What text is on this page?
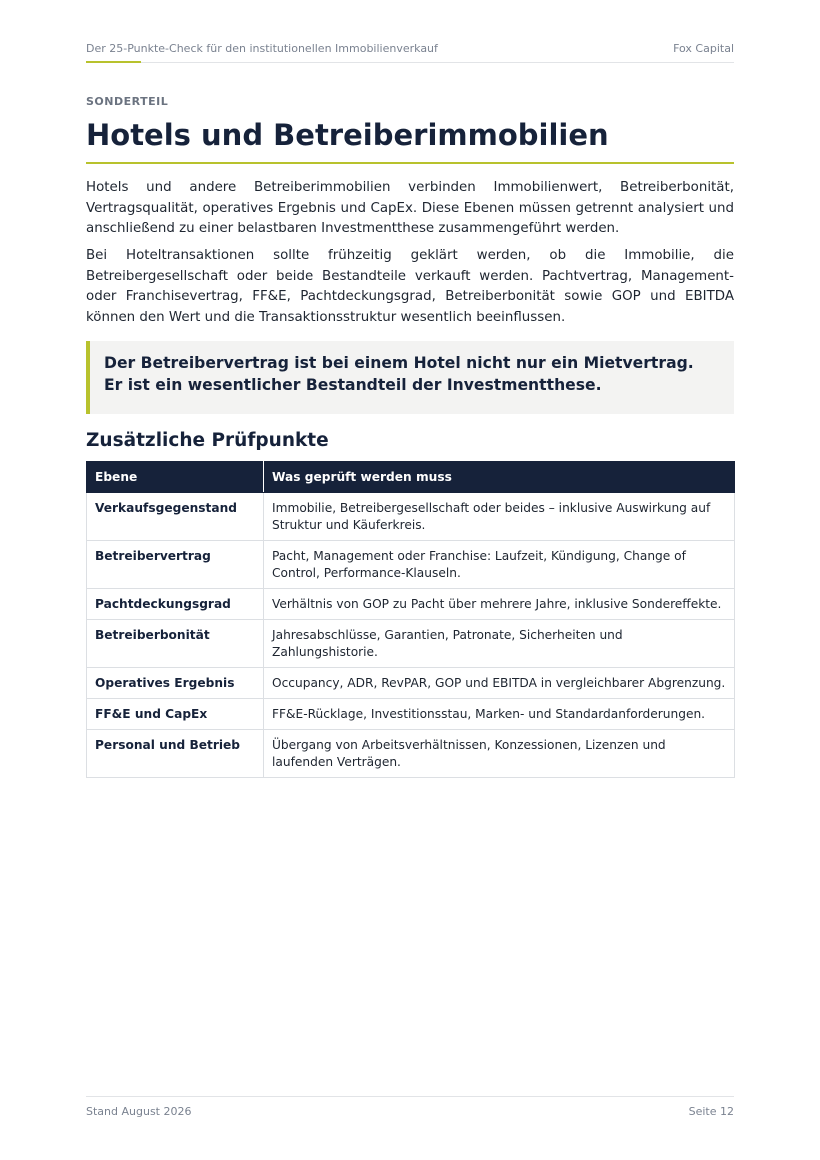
Der 25-Punkte-Check für den institutionellen Immobilienverkauf	Fox Capital
SONDERTEIL
Hotels und Betreiberimmobilien

Hotels und andere Betreiberimmobilien verbinden Immobilienwert, Betreiberbonität, Vertragsqualität, operatives Ergebnis und CapEx. Diese Ebenen müssen getrennt analysiert und anschließend zu einer belastbaren Investmentthese zusammengeführt werden.

Bei Hoteltransaktionen sollte frühzeitig geklärt werden, ob die Immobilie, die Betreibergesellschaft oder beide Bestandteile verkauft werden. Pachtvertrag, Management- oder Franchisevertrag, FF&E, Pachtdeckungsgrad, Betreiberbonität sowie GOP und EBITDA können den Wert und die Transaktionsstruktur wesentlich beeinflussen.

Der Betreibervertrag ist bei einem Hotel nicht nur ein Mietvertrag. Er ist ein wesentlicher Bestandteil der Investmentthese.

Zusätzliche Prüfpunkte
Ebene	Was geprüft werden muss
Verkaufsgegenstand	Immobilie, Betreibergesellschaft oder beides – inklusive Auswirkung auf Struktur und Käuferkreis.
Betreibervertrag	Pacht, Management oder Franchise: Laufzeit, Kündigung, Change of Control, Performance-Klauseln.
Pachtdeckungsgrad	Verhältnis von GOP zu Pacht über mehrere Jahre, inklusive Sondereffekte.
Betreiberbonität	Jahresabschlüsse, Garantien, Patronate, Sicherheiten und Zahlungshistorie.
Operatives Ergebnis	Occupancy, ADR, RevPAR, GOP und EBITDA in vergleichbarer Abgrenzung.
FF&E und CapEx	FF&E-Rücklage, Investitionsstau, Marken- und Standardanforderungen.
Personal und Betrieb	Übergang von Arbeitsverhältnissen, Konzessionen, Lizenzen und laufenden Verträgen.
Stand August 2026	Seite 12
